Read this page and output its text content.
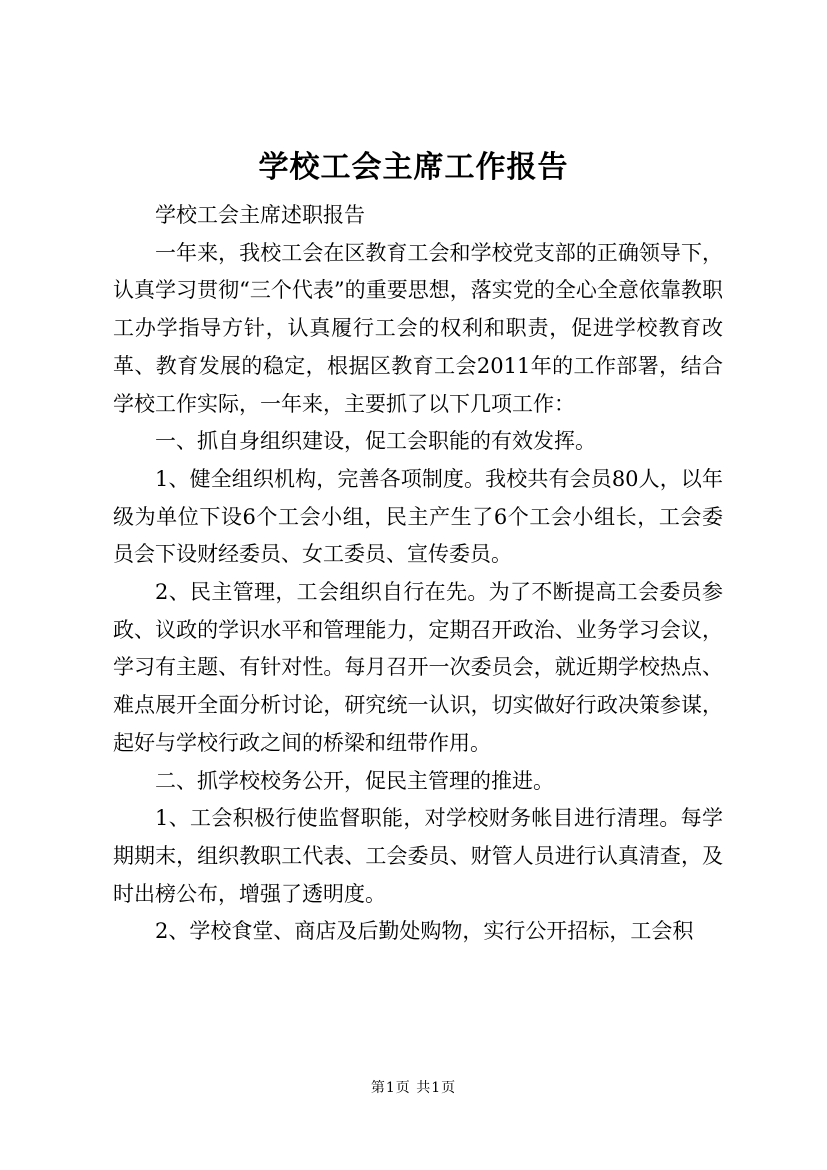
学校工会主席工作报告

学校工会主席述职报告

一年来，我校工会在区教育工会和学校党支部的正确领导下，认真学习贯彻“三个代表”的重要思想，落实党的全心全意依靠教职工办学指导方针，认真履行工会的权利和职责，促进学校教育改革、教育发展的稳定，根据区教育工会2011年的工作部署，结合学校工作实际，一年来，主要抓了以下几项工作：

一、抓自身组织建设，促工会职能的有效发挥。

1、健全组织机构，完善各项制度。我校共有会员80人，以年级为单位下设6个工会小组，民主产生了6个工会小组长，工会委员会下设财经委员、女工委员、宣传委员。

2、民主管理，工会组织自行在先。为了不断提高工会委员参政、议政的学识水平和管理能力，定期召开政治、业务学习会议，学习有主题、有针对性。每月召开一次委员会，就近期学校热点、难点展开全面分析讨论，研究统一认识，切实做好行政决策参谋，起好与学校行政之间的桥梁和纽带作用。

二、抓学校校务公开，促民主管理的推进。

1、工会积极行使监督职能，对学校财务帐目进行清理。每学期期末，组织教职工代表、工会委员、财管人员进行认真清查，及时出榜公布，增强了透明度。

2、学校食堂、商店及后勤处购物，实行公开招标，工会积

第1页 共1页
